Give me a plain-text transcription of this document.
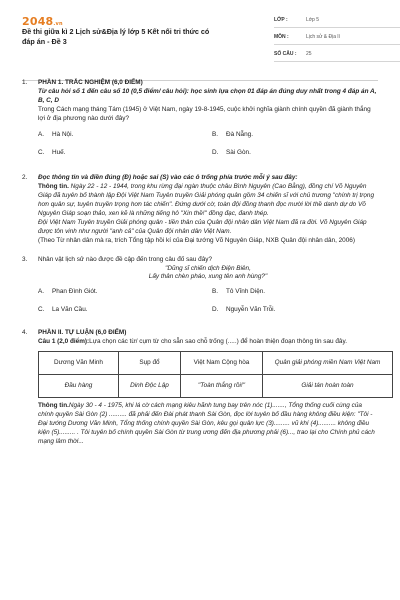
2048.vn
Đề thi giữa kì 2 Lịch sử&Địa lý lớp 5 Kết nối tri thức có đáp án - Đề 3
LỚP :	Lớp 5
MÔN :	Lịch sử & Địa lí
SỐ CÂU :	25
1. PHẦN 1. TRẮC NGHIỆM (6,0 ĐIỂM)
Từ câu hỏi số 1 đến câu số 10 (0,5 điểm/ câu hỏi): học sinh lựa chọn 01 đáp án đúng duy nhất trong 4 đáp án A, B, C, D
Trong Cách mạng tháng Tám (1945) ở Việt Nam, ngày 19-8-1945, cuộc khởi nghĩa giành chính quyền đã giành thắng lợi ở địa phương nào dưới đây?
A. Hà Nội.	B. Đà Nẵng.
C. Huế.	D. Sài Gòn.
2. Đọc thông tin và điền đúng (Đ) hoặc sai (S) vào các ô trống phía trước mỗi ý sau đây:
Thông tin. Ngày 22 - 12 - 1944, trong khu rừng đại ngàn thuộc châu Bình Nguyên (Cao Bằng), đồng chí Võ Nguyên Giáp đã tuyên bố thành lập Đội Việt Nam Tuyên truyền Giải phóng quân gồm 34 chiến sĩ với chủ trương "chính trị trọng hơn quân sự, tuyên truyền trọng hơn tác chiến". Đứng dưới cờ, toàn đội đồng thanh đọc mười lời thề danh dự do Võ Nguyên Giáp soạn thảo, xen kẽ là những tiếng hô "Xin thề!" đồng đạc, đanh thép.
Đội Việt Nam Tuyên truyền Giải phóng quân - tiền thân của Quân đội nhân dân Việt Nam đã ra đời. Võ Nguyên Giáp được tôn vinh như người "anh cả" của Quân đội nhân dân Việt Nam.
(Theo Từ nhân dân mà ra, trích Tổng tập hồi kí của Đại tướng Võ Nguyên Giáp, NXB Quân đội nhân dân, 2006)
3. Nhân vật lịch sử nào được đề cập đến trong câu đố sau đây?
"Dũng sĩ chiến dịch Điện Biên,
Lấy thân chèn pháo, xung tên anh hùng?"
A. Phan Đình Giót.	B. Tô Vĩnh Diện.
C. La Văn Cầu.	D. Nguyễn Văn Trỗi.
4. PHẦN II. TỰ LUẬN (6,0 ĐIỂM)
Câu 1 (2,0 điểm):Lựa chọn các từ/ cụm từ cho sẵn sao chỗ trống (.....) để hoàn thiện đoạn thông tin sau đây.
Dương Văn Minh	Sụp đổ	Việt Nam Cộng hòa	Quân giải phóng miền Nam Việt Nam
Đầu hàng	Dinh Độc Lập	"Toàn thắng rồi!"	Giải tán hoàn toàn
Thông tin.Ngày 30 - 4 - 1975, khi lá cờ cách mạng kiêu hãnh tung bay trên nóc (1)......., Tổng thống cuối cùng của chính quyền Sài Gòn (2) .......... đã phải đến Đài phát thanh Sài Gòn, đọc lời tuyên bố đầu hàng không điều kiện: "Tôi - Đại tướng Dương Văn Minh, Tổng thống chính quyền Sài Gòn, kêu gọi quân lực (3)......... vũ khí (4).......... không điều kiện (5)......... . Tôi tuyên bố chính quyền Sài Gòn từ trung ương đến địa phương phải (6)..., trao lại cho Chính phủ cách mạng lâm thời...
